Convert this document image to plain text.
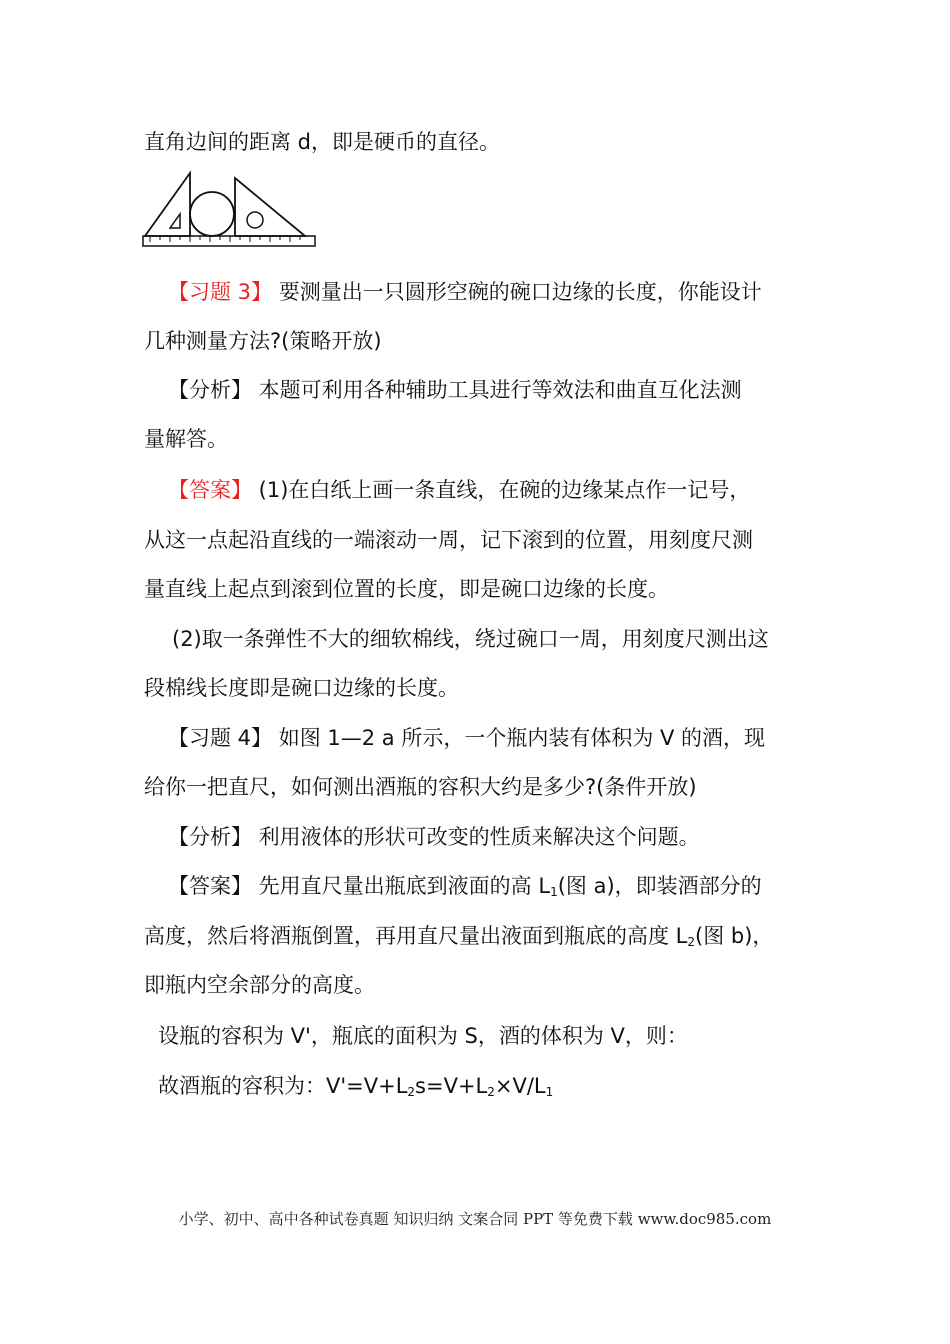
直角边间的距离 d，即是硬币的直径。
【习题 3】 要测量出一只圆形空碗的碗口边缘的长度，你能设计
几种测量方法?(策略开放)
【分析】 本题可利用各种辅助工具进行等效法和曲直互化法测
量解答。
【答案】 (1)在白纸上画一条直线，在碗的边缘某点作一记号，
从这一点起沿直线的一端滚动一周，记下滚到的位置，用刻度尺测
量直线上起点到滚到位置的长度，即是碗口边缘的长度。
(2)取一条弹性不大的细软棉线，绕过碗口一周，用刻度尺测出这
段棉线长度即是碗口边缘的长度。
【习题 4】 如图 1—2 a 所示，一个瓶内装有体积为 V 的酒，现
给你一把直尺，如何测出酒瓶的容积大约是多少?(条件开放)
【分析】 利用液体的形状可改变的性质来解决这个问题。
【答案】 先用直尺量出瓶底到液面的高 $L_1$(图 a)，即装酒部分的
高度，然后将酒瓶倒置，再用直尺量出液面到瓶底的高度 $L_2$(图 b)，
即瓶内空余部分的高度。
设瓶的容积为 V'，瓶底的面积为 S，酒的体积为 V，则：
故酒瓶的容积为：$V'=V+L_2s=V+L_2\times V/L_1$
小学、初中、高中各种试卷真题 知识归纳 文案合同 PPT 等免费下载 www.doc985.com
